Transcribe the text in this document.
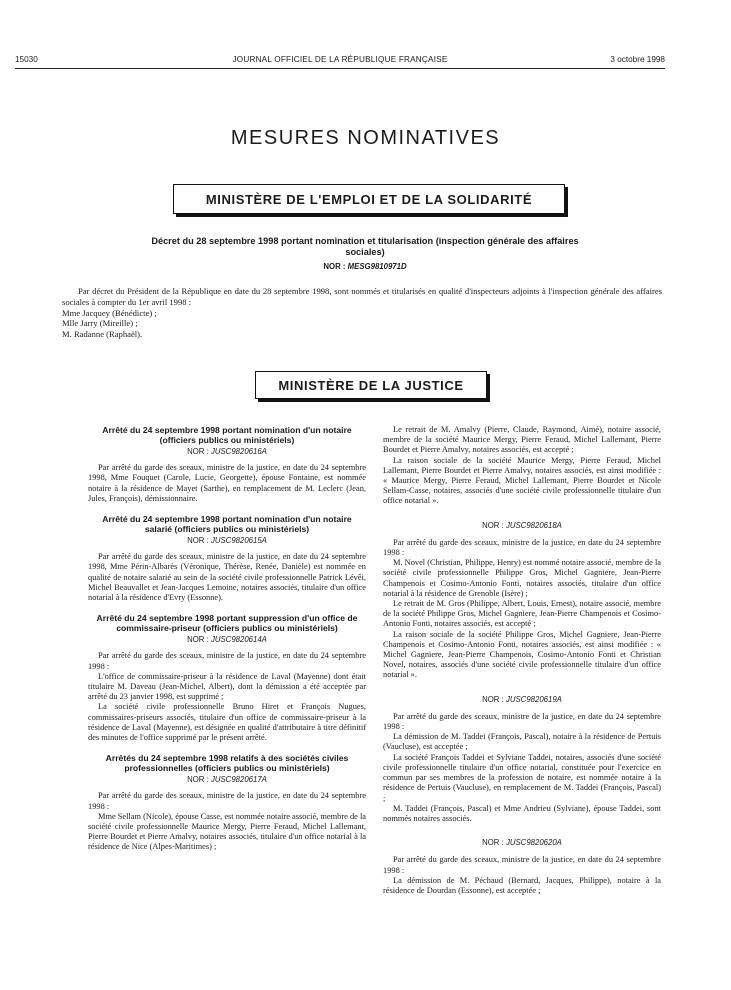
15030	JOURNAL OFFICIEL DE LA RÉPUBLIQUE FRANÇAISE	3 octobre 1998
MESURES NOMINATIVES
MINISTÈRE DE L'EMPLOI ET DE LA SOLIDARITÉ
Décret du 28 septembre 1998 portant nomination et titularisation (inspection générale des affaires sociales)
NOR : MESG9810971D

Par décret du Président de la République en date du 28 septembre 1998, sont nommés et titularisés en qualité d'inspecteurs adjoints à l'inspection générale des affaires sociales à compter du 1er avril 1998 :

Mme Jacquey (Bénédicte) ;

Mlle Jarry (Mireille) ;

M. Radanne (Raphaël).

MINISTÈRE DE LA JUSTICE
Arrêté du 24 septembre 1998 portant nomination d'un notaire (officiers publics ou ministériels)
NOR : JUSC9820616A

Par arrêté du garde des sceaux, ministre de la justice, en date du 24 septembre 1998, Mme Fouquet (Carole, Lucie, Georgette), épouse Fontaine, est nommée notaire à la résidence de Mayet (Sarthe), en remplacement de M. Leclerc (Jean, Jules, François), démissionnaire.

Arrêté du 24 septembre 1998 portant nomination d'un notaire salarié (officiers publics ou ministériels)
NOR : JUSC9820615A

Par arrêté du garde des sceaux, ministre de la justice, en date du 24 septembre 1998, Mme Périn-Albarès (Véronique, Thérèse, Renée, Danièle) est nommée en qualité de notaire salarié au sein de la société civile professionnelle Patrick Lévêi, Michel Beauvallet et Jean-Jacques Lemoine, notaires associés, titulaire d'un office notarial à la résidence d'Evry (Essonne).

Arrêté du 24 septembre 1998 portant suppression d'un office de commissaire-priseur (officiers publics ou ministériels)
NOR : JUSC9820614A

Par arrêté du garde des sceaux, ministre de la justice, en date du 24 septembre 1998 :

L'office de commissaire-priseur à la résidence de Laval (Mayenne) dont était titulaire M. Daveau (Jean-Michel, Albert), dont la démission a été acceptée par arrêté du 23 janvier 1998, est supprimé ;

La société civile professionnelle Bruno Hiret et François Nugues, commissaires-priseurs associés, titulaire d'un office de commissaire-priseur à la résidence de Laval (Mayenne), est désignée en qualité d'attributaire à titre définitif des minutes de l'office supprimé par le présent arrêté.

Arrêtés du 24 septembre 1998 relatifs à des sociétés civiles professionnelles (officiers publics ou ministériels)
NOR : JUSC9820617A

Par arrêté du garde des sceaux, ministre de la justice, en date du 24 septembre 1998 :

Mme Sellam (Nicole), épouse Casse, est nommée notaire associé, membre de la société civile professionnelle Maurice Mergy, Pierre Feraud, Michel Lallemant, Pierre Bourdet et Pierre Amalvy, notaires associés, titulaire d'un office notarial à la résidence de Nice (Alpes-Maritimes) ;

Le retrait de M. Amalvy (Pierre, Claude, Raymond, Aimé), notaire associé, membre de la société Maurice Mergy, Pierre Feraud, Michel Lallemant, Pierre Bourdet et Pierre Amalvy, notaires associés, est accepté ;

La raison sociale de la société Maurice Mergy, Pierre Feraud, Michel Lallemant, Pierre Bourdet et Pierre Amalvy, notaires associés, est ainsi modifiée : « Maurice Mergy, Pierre Feraud, Michel Lallemant, Pierre Bourdet et Nicole Sellam-Casse, notaires, associés d'une société civile professionnelle titulaire d'un office notarial ».

NOR : JUSC9820618A

Par arrêté du garde des sceaux, ministre de la justice, en date du 24 septembre 1998 :

M. Novel (Christian, Philippe, Henry) est nommé notaire associé, membre de la société civile professionnelle Philippe Gros, Michel Gagniere, Jean-Pierre Champenois et Cosimo-Antonio Fonti, notaires associés, titulaire d'un office notarial à la résidence de Grenoble (Isère) ;

Le retrait de M. Gros (Philippe, Albert, Louis, Ernest), notaire associé, membre de la société Philippe Gros, Michel Gagniere, Jean-Pierre Champenois et Cosimo-Antonio Fonti, notaires associés, est accepté ;

La raison sociale de la société Philippe Gros, Michel Gagniere, Jean-Pierre Champenois et Cosimo-Antonio Fonti, notaires associés, est ainsi modifiée : « Michel Gagniere, Jean-Pierre Champenois, Cosimo-Antonio Fonti et Christian Novel, notaires, associés d'une société civile professionnelle titulaire d'un office notarial ».

NOR : JUSC9820619A

Par arrêté du garde des sceaux, ministre de la justice, en date du 24 septembre 1998 :

La démission de M. Taddei (François, Pascal), notaire à la résidence de Pertuis (Vaucluse), est acceptée ;

La société François Taddei et Sylviane Taddei, notaires, associés d'une société civile professionnelle titulaire d'un office notarial, constituée pour l'exercice en commun par ses membres de la profession de notaire, est nommée notaire à la résidence de Pertuis (Vaucluse), en remplacement de M. Taddei (François, Pascal) ;

M. Taddei (François, Pascal) et Mme Andrieu (Sylviane), épouse Taddei, sont nommés notaires associés.

NOR : JUSC9820620A

Par arrêté du garde des sceaux, ministre de la justice, en date du 24 septembre 1998 :

La démission de M. Péchaud (Bernard, Jacques, Philippe), notaire à la résidence de Dourdan (Essonne), est acceptée ;
